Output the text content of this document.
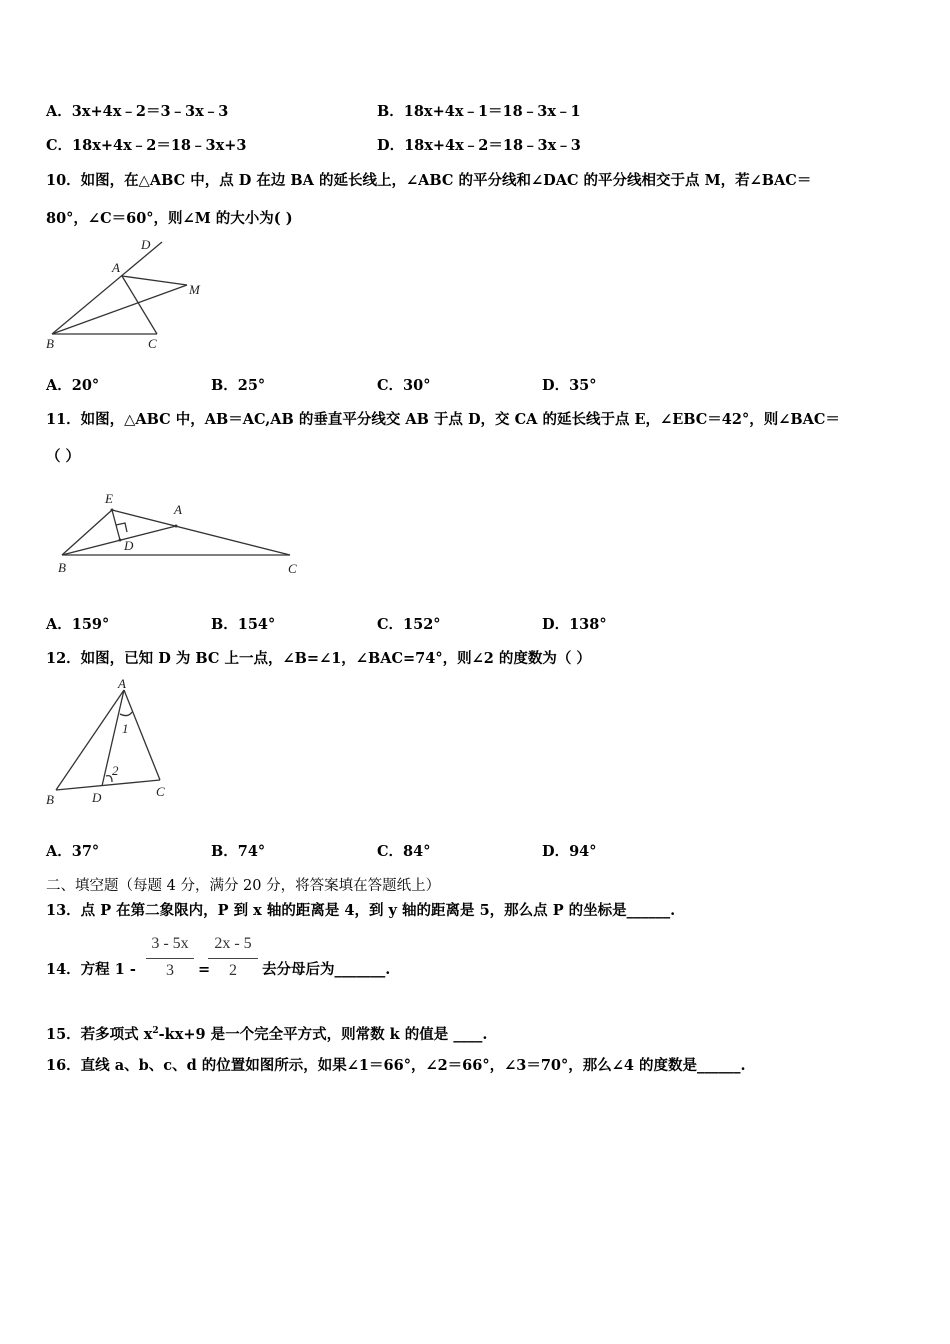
A．3x+4x﹣2＝3﹣3x﹣3	B．18x+4x﹣1＝18﹣3x﹣1
C．18x+4x﹣2＝18﹣3x+3	D．18x+4x﹣2＝18﹣3x﹣3
10．如图，在△ABC 中，点 D 在边 BA 的延长线上，∠ABC 的平分线和∠DAC 的平分线相交于点 M，若∠BAC＝
80°，∠C＝60°，则∠M 的大小为( )
D
A
M
B	C
A．20°	B．25°	C．30°	D．35°
11．如图，△ABC 中，AB＝AC,AB 的垂直平分线交 AB 于点 D，交 CA 的延长线于点 E，∠EBC＝42°，则∠BAC＝
（ ）
E
A
D
B	C
A．159°	B．154°	C．152°	D．138°
12．如图，已知 D 为 BC 上一点，∠B=∠1，∠BAC=74°，则∠2 的度数为（ ）
A
1
2
B	D	C
A．37°	B．74°	C．84°	D．94°
二、填空题（每题 4 分，满分 20 分，将答案填在答题纸上）
13．点 P 在第二象限内，P 到 x 轴的距离是 4，到 y 轴的距离是 5，那么点 P 的坐标是______.
14．方程 1 -
3 - 5x
3	=
2x - 5
2	去分母后为_______.
15．若多项式 $x^2-kx+9$ 是一个完全平方式，则常数 k 的值是 ____.
16．直线 a、b、c、d 的位置如图所示，如果∠1＝66°，∠2＝66°，∠3＝70°，那么∠4 的度数是______.
